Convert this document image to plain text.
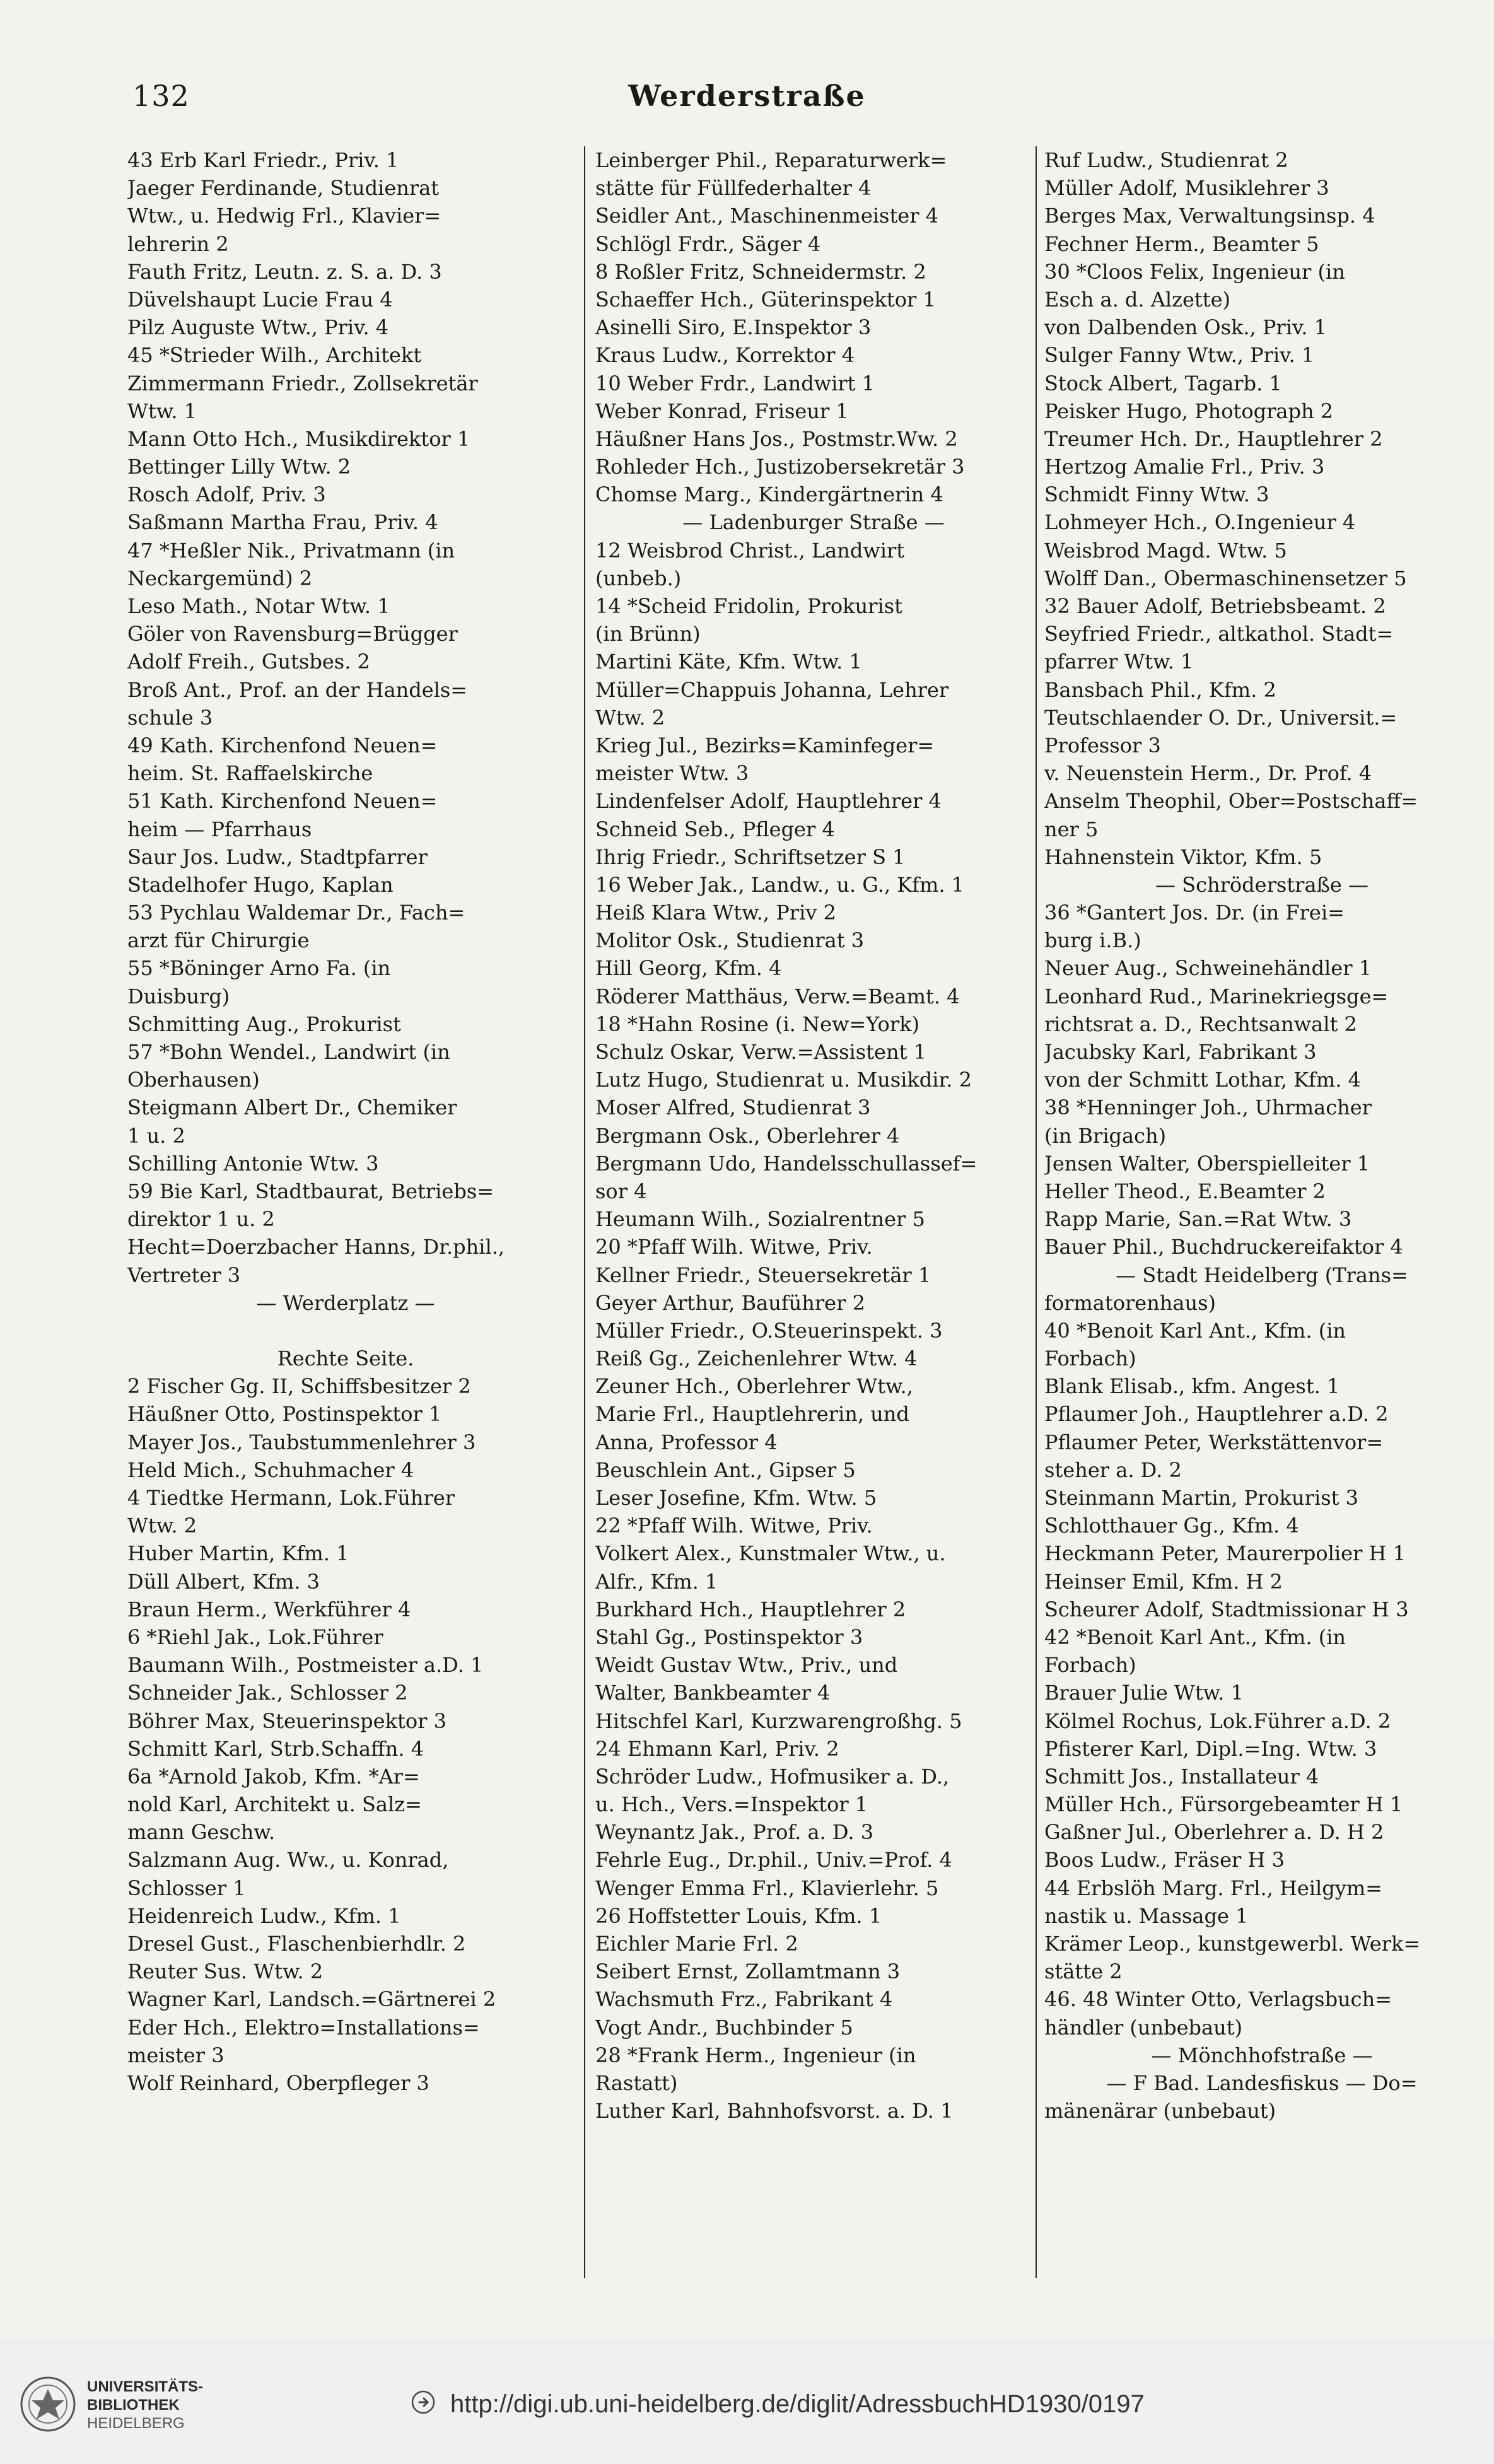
132	Werderstraße
43 Erb Karl Friedr., Priv. 1
Jaeger Ferdinande, Studienrat
Wtw., u. Hedwig Frl., Klavier=
lehrerin 2
Fauth Fritz, Leutn. z. S. a. D. 3
Düvelshaupt Lucie Frau 4
Pilz Auguste Wtw., Priv. 4
45 *Strieder Wilh., Architekt
Zimmermann Friedr., Zollsekretär
Wtw. 1
Mann Otto Hch., Musikdirektor 1
Bettinger Lilly Wtw. 2
Rosch Adolf, Priv. 3
Saßmann Martha Frau, Priv. 4
47 *Heßler Nik., Privatmann (in
Neckargemünd) 2
Leso Math., Notar Wtw. 1
Göler von Ravensburg=Brügger
Adolf Freih., Gutsbes. 2
Broß Ant., Prof. an der Handels=
schule 3
49 Kath. Kirchenfond Neuen=
heim. St. Raffaelskirche
51 Kath. Kirchenfond Neuen=
heim — Pfarrhaus
Saur Jos. Ludw., Stadtpfarrer
Stadelhofer Hugo, Kaplan
53 Pychlau Waldemar Dr., Fach=
arzt für Chirurgie
55 *Böninger Arno Fa. (in
Duisburg)
Schmitting Aug., Prokurist
57 *Bohn Wendel., Landwirt (in
Oberhausen)
Steigmann Albert Dr., Chemiker
1 u. 2
Schilling Antonie Wtw. 3
59 Bie Karl, Stadtbaurat, Betriebs=
direktor 1 u. 2
Hecht=Doerzbacher Hanns, Dr.phil.,
Vertreter 3
— Werderplatz —
Rechte Seite.
2 Fischer Gg. II, Schiffsbesitzer 2
Häußner Otto, Postinspektor 1
Mayer Jos., Taubstummenlehrer 3
Held Mich., Schuhmacher 4
4 Tiedtke Hermann, Lok.Führer
Wtw. 2
Huber Martin, Kfm. 1
Düll Albert, Kfm. 3
Braun Herm., Werkführer 4
6 *Riehl Jak., Lok.Führer
Baumann Wilh., Postmeister a.D. 1
Schneider Jak., Schlosser 2
Böhrer Max, Steuerinspektor 3
Schmitt Karl, Strb.Schaffn. 4
6a *Arnold Jakob, Kfm. *Ar=
nold Karl, Architekt u. Salz=
mann Geschw.
Salzmann Aug. Ww., u. Konrad,
Schlosser 1
Heidenreich Ludw., Kfm. 1
Dresel Gust., Flaschenbierhdlr. 2
Reuter Sus. Wtw. 2
Wagner Karl, Landsch.=Gärtnerei 2
Eder Hch., Elektro=Installations=
meister 3
Wolf Reinhard, Oberpfleger 3
Leinberger Phil., Reparaturwerk=
stätte für Füllfederhalter 4
Seidler Ant., Maschinenmeister 4
Schlögl Frdr., Säger 4
8 Roßler Fritz, Schneidermstr. 2
Schaeffer Hch., Güterinspektor 1
Asinelli Siro, E.Inspektor 3
Kraus Ludw., Korrektor 4
10 Weber Frdr., Landwirt 1
Weber Konrad, Friseur 1
Häußner Hans Jos., Postmstr.Ww. 2
Rohleder Hch., Justizobersekretär 3
Chomse Marg., Kindergärtnerin 4
— Ladenburger Straße —
12 Weisbrod Christ., Landwirt
(unbeb.)
14 *Scheid Fridolin, Prokurist
(in Brünn)
Martini Käte, Kfm. Wtw. 1
Müller=Chappuis Johanna, Lehrer
Wtw. 2
Krieg Jul., Bezirks=Kaminfeger=
meister Wtw. 3
Lindenfelser Adolf, Hauptlehrer 4
Schneid Seb., Pfleger 4
Ihrig Friedr., Schriftsetzer S 1
16 Weber Jak., Landw., u. G., Kfm. 1
Heiß Klara Wtw., Priv 2
Molitor Osk., Studienrat 3
Hill Georg, Kfm. 4
Röderer Matthäus, Verw.=Beamt. 4
18 *Hahn Rosine (i. New=York)
Schulz Oskar, Verw.=Assistent 1
Lutz Hugo, Studienrat u. Musikdir. 2
Moser Alfred, Studienrat 3
Bergmann Osk., Oberlehrer 4
Bergmann Udo, Handelsschullassef=
sor 4
Heumann Wilh., Sozialrentner 5
20 *Pfaff Wilh. Witwe, Priv.
Kellner Friedr., Steuersekretär 1
Geyer Arthur, Bauführer 2
Müller Friedr., O.Steuerinspekt. 3
Reiß Gg., Zeichenlehrer Wtw. 4
Zeuner Hch., Oberlehrer Wtw.,
Marie Frl., Hauptlehrerin, und
Anna, Professor 4
Beuschlein Ant., Gipser 5
Leser Josefine, Kfm. Wtw. 5
22 *Pfaff Wilh. Witwe, Priv.
Volkert Alex., Kunstmaler Wtw., u.
Alfr., Kfm. 1
Burkhard Hch., Hauptlehrer 2
Stahl Gg., Postinspektor 3
Weidt Gustav Wtw., Priv., und
Walter, Bankbeamter 4
Hitschfel Karl, Kurzwarengroßhg. 5
24 Ehmann Karl, Priv. 2
Schröder Ludw., Hofmusiker a. D.,
u. Hch., Vers.=Inspektor 1
Weynantz Jak., Prof. a. D. 3
Fehrle Eug., Dr.phil., Univ.=Prof. 4
Wenger Emma Frl., Klavierlehr. 5
26 Hoffstetter Louis, Kfm. 1
Eichler Marie Frl. 2
Seibert Ernst, Zollamtmann 3
Wachsmuth Frz., Fabrikant 4
Vogt Andr., Buchbinder 5
28 *Frank Herm., Ingenieur (in
Rastatt)
Luther Karl, Bahnhofsvorst. a. D. 1
Ruf Ludw., Studienrat 2
Müller Adolf, Musiklehrer 3
Berges Max, Verwaltungsinsp. 4
Fechner Herm., Beamter 5
30 *Cloos Felix, Ingenieur (in
Esch a. d. Alzette)
von Dalbenden Osk., Priv. 1
Sulger Fanny Wtw., Priv. 1
Stock Albert, Tagarb. 1
Peisker Hugo, Photograph 2
Treumer Hch. Dr., Hauptlehrer 2
Hertzog Amalie Frl., Priv. 3
Schmidt Finny Wtw. 3
Lohmeyer Hch., O.Ingenieur 4
Weisbrod Magd. Wtw. 5
Wolff Dan., Obermaschinensetzer 5
32 Bauer Adolf, Betriebsbeamt. 2
Seyfried Friedr., altkathol. Stadt=
pfarrer Wtw. 1
Bansbach Phil., Kfm. 2
Teutschlaender O. Dr., Universit.=
Professor 3
v. Neuenstein Herm., Dr. Prof. 4
Anselm Theophil, Ober=Postschaff=
ner 5
Hahnenstein Viktor, Kfm. 5
— Schröderstraße —
36 *Gantert Jos. Dr. (in Frei=
burg i.B.)
Neuer Aug., Schweinehändler 1
Leonhard Rud., Marinekriegsge=
richtsrat a. D., Rechtsanwalt 2
Jacubsky Karl, Fabrikant 3
von der Schmitt Lothar, Kfm. 4
38 *Henninger Joh., Uhrmacher
(in Brigach)
Jensen Walter, Oberspielleiter 1
Heller Theod., E.Beamter 2
Rapp Marie, San.=Rat Wtw. 3
Bauer Phil., Buchdruckereifaktor 4
— Stadt Heidelberg (Trans=
formatorenhaus)
40 *Benoit Karl Ant., Kfm. (in
Forbach)
Blank Elisab., kfm. Angest. 1
Pflaumer Joh., Hauptlehrer a.D. 2
Pflaumer Peter, Werkstättenvor=
steher a. D. 2
Steinmann Martin, Prokurist 3
Schlotthauer Gg., Kfm. 4
Heckmann Peter, Maurerpolier H 1
Heinser Emil, Kfm. H 2
Scheurer Adolf, Stadtmissionar H 3
42 *Benoit Karl Ant., Kfm. (in
Forbach)
Brauer Julie Wtw. 1
Kölmel Rochus, Lok.Führer a.D. 2
Pfisterer Karl, Dipl.=Ing. Wtw. 3
Schmitt Jos., Installateur 4
Müller Hch., Fürsorgebeamter H 1
Gaßner Jul., Oberlehrer a. D. H 2
Boos Ludw., Fräser H 3
44 Erbslöh Marg. Frl., Heilgym=
nastik u. Massage 1
Krämer Leop., kunstgewerbl. Werk=
stätte 2
46. 48 Winter Otto, Verlagsbuch=
händler (unbebaut)
— Mönchhofstraße —
— F Bad. Landesfiskus — Do=
mänenärar (unbebaut)
UNIVERSITÄTS-
BIBLIOTHEK
HEIDELBERG
http://digi.ub.uni-heidelberg.de/diglit/AdressbuchHD1930/0197
